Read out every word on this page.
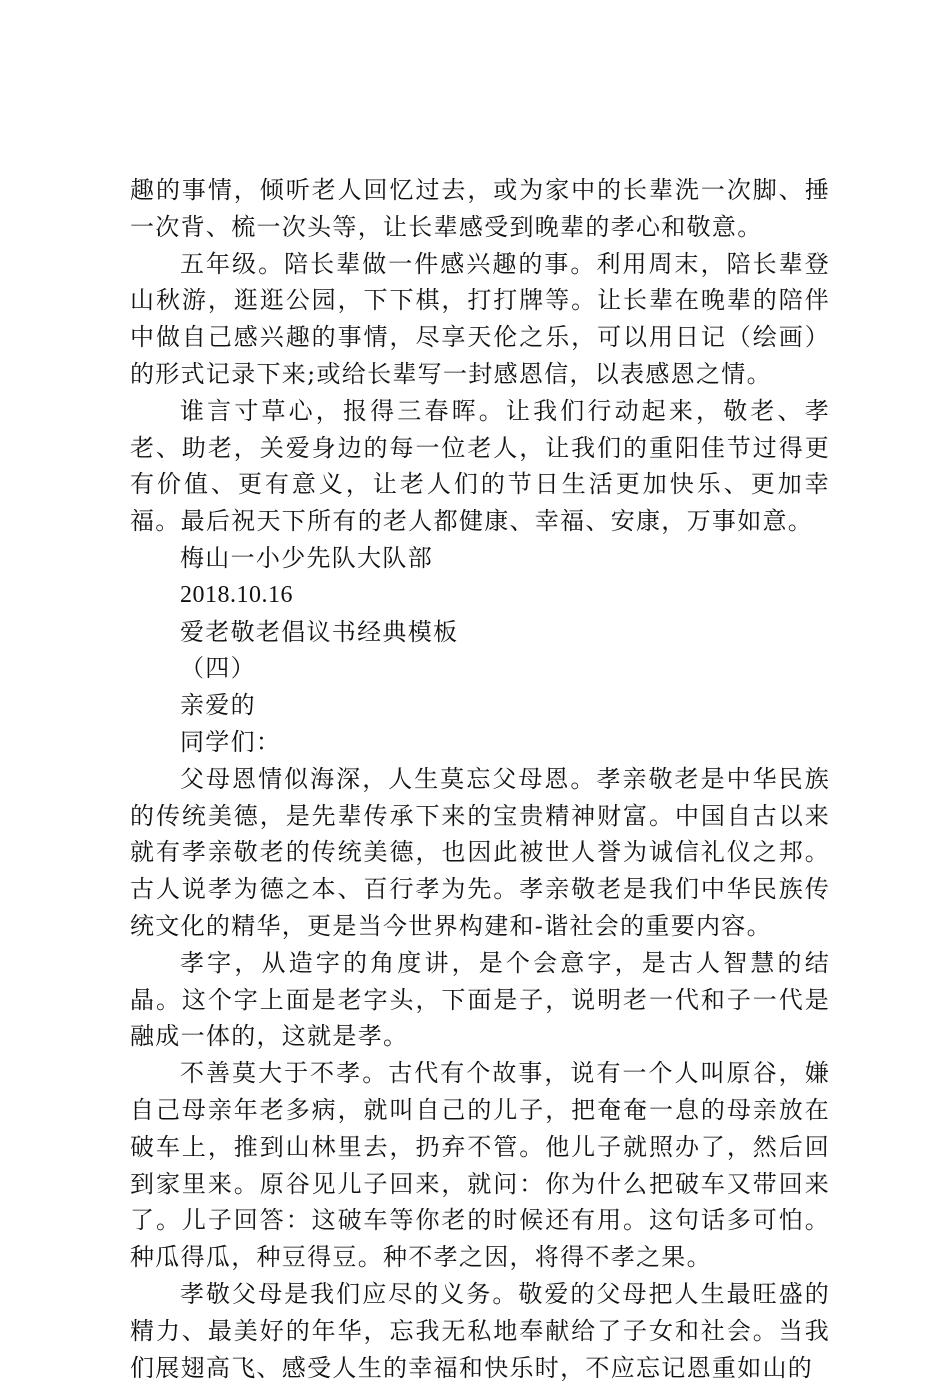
趣的事情，倾听老人回忆过去，或为家中的长辈洗一次脚、捶一次背、梳一次头等，让长辈感受到晚辈的孝心和敬意。

五年级。陪长辈做一件感兴趣的事。利用周末，陪长辈登山秋游，逛逛公园，下下棋，打打牌等。让长辈在晚辈的陪伴中做自己感兴趣的事情，尽享天伦之乐，可以用日记（绘画）的形式记录下来;或给长辈写一封感恩信，以表感恩之情。

谁言寸草心，报得三春晖。让我们行动起来，敬老、孝老、助老，关爱身边的每一位老人，让我们的重阳佳节过得更有价值、更有意义，让老人们的节日生活更加快乐、更加幸福。最后祝天下所有的老人都健康、幸福、安康，万事如意。

梅山一小少先队大队部

2018.10.16

爱老敬老倡议书经典模板

（四）

亲爱的

同学们：

父母恩情似海深，人生莫忘父母恩。孝亲敬老是中华民族的传统美德，是先辈传承下来的宝贵精神财富。中国自古以来就有孝亲敬老的传统美德，也因此被世人誉为诚信礼仪之邦。古人说孝为德之本、百行孝为先。孝亲敬老是我们中华民族传统文化的精华，更是当今世界构建和-谐社会的重要内容。

孝字，从造字的角度讲，是个会意字，是古人智慧的结晶。这个字上面是老字头，下面是子，说明老一代和子一代是融成一体的，这就是孝。

不善莫大于不孝。古代有个故事，说有一个人叫原谷，嫌自己母亲年老多病，就叫自己的儿子，把奄奄一息的母亲放在破车上，推到山林里去，扔弃不管。他儿子就照办了，然后回到家里来。原谷见儿子回来，就问：你为什么把破车又带回来了。儿子回答：这破车等你老的时候还有用。这句话多可怕。种瓜得瓜，种豆得豆。种不孝之因，将得不孝之果。

孝敬父母是我们应尽的义务。敬爱的父母把人生最旺盛的精力、最美好的年华，忘我无私地奉献给了子女和社会。当我们展翅高飞、感受人生的幸福和快乐时，不应忘记恩重如山的
